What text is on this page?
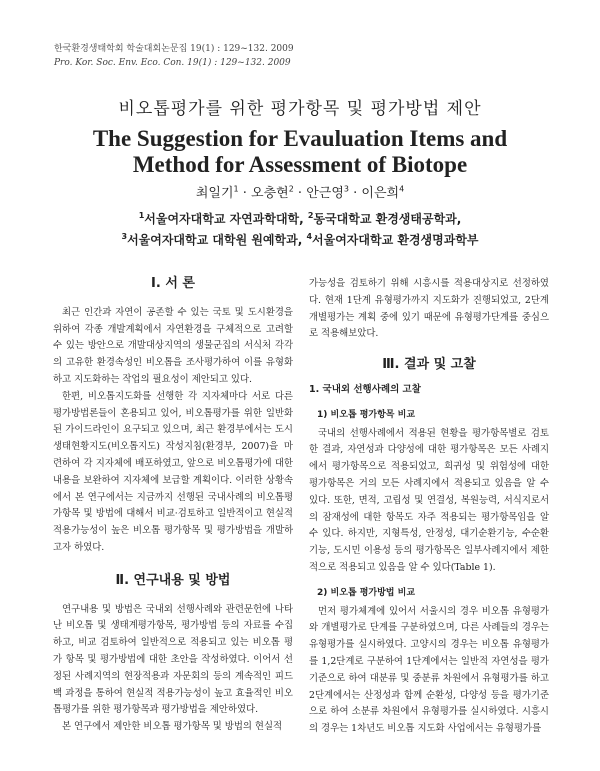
한국환경생태학회 학술대회논문집 19(1) : 129~132. 2009
Pro. Kor. Soc. Env. Eco. Con. 19(1) : 129~132. 2009
비오톱평가를 위한 평가항목 및 평가방법 제안
The Suggestion for Evauluation Items and Method for Assessment of Biotope
최일기$^1$ · 오충현$^2$ · 안근영$^3$ · 이은희$^4$
$^1$서울여자대학교 자연과학대학, $^2$동국대학교 환경생태공학과,
$^3$서울여자대학교 대학원 원예학과, $^4$서울여자대학교 환경생명과학부

Ⅰ. 서 론

최근 인간과 자연이 공존할 수 있는 국토 및 도시환경을 위하여 각종 개발계획에서 자연환경을 구체적으로 고려할 수 있는 방안으로 개발대상지역의 생물군집의 서식처 각각의 고유한 환경속성인 비오톱을 조사평가하여 이를 유형화하고 지도화하는 작업의 필요성이 제안되고 있다.

한편, 비오톱지도화를 선행한 각 지자체마다 서로 다른 평가방법론들이 혼용되고 있어, 비오톱평가를 위한 일반화된 가이드라인이 요구되고 있으며, 최근 환경부에서는 도시생태현황지도(비오톱지도) 작성지침(환경부, 2007)을 마련하여 각 지자체에 배포하였고, 앞으로 비오톱평가에 대한 내용을 보완하여 지자체에 보급할 계획이다. 이러한 상황속에서 본 연구에서는 지금까지 선행된 국내사례의 비오톱평가항목 및 방법에 대해서 비교·검토하고 일반적이고 현실적 적용가능성이 높은 비오톱 평가항목 및 평가방법을 개발하고자 하였다.

Ⅱ. 연구내용 및 방법

연구내용 및 방법은 국내외 선행사례와 관련문헌에 나타난 비오톱 및 생태계평가항목, 평가방법 등의 자료를 수집하고, 비교 검토하여 일반적으로 적용되고 있는 비오톱 평가 항목 및 평가방법에 대한 초안을 작성하였다. 이어서 선정된 사례지역의 현장적용과 자문회의 등의 계속적인 피드백 과정을 통하여 현실적 적용가능성이 높고 효율적인 비오톱평가를 위한 평가항목과 평가방법을 제안하였다.

본 연구에서 제안한 비오톱 평가항목 및 방법의 현실적

가능성을 검토하기 위해 시흥시를 적용대상지로 선정하였다. 현재 1단계 유형평가까지 지도화가 진행되었고, 2단계 개별평가는 계획 중에 있기 때문에 유형평가단계를 중심으로 적용해보았다.

Ⅲ. 결과 및 고찰

1. 국내외 선행사례의 고찰

1) 비오톱 평가항목 비교

국내의 선행사례에서 적용된 현황을 평가항목별로 검토한 결과, 자연성과 다양성에 대한 평가항목은 모든 사례지에서 평가항목으로 적용되었고, 희귀성 및 위험성에 대한 평가항목은 거의 모든 사례지에서 적용되고 있음을 알 수 있다. 또한, 면적, 고립성 및 연결성, 복원능력, 서식지로서의 잠재성에 대한 항목도 자주 적용되는 평가항목임을 알 수 있다. 하지만, 지형특성, 안정성, 대기순환기능, 수순환기능, 도시민 이용성 등의 평가항목은 일부사례지에서 제한적으로 적용되고 있음을 알 수 있다(Table 1).

2) 비오톱 평가방법 비교

먼저 평가체계에 있어서 서울시의 경우 비오톱 유형평가와 개별평가로 단계를 구분하였으며, 다른 사례들의 경우는 유형평가를 실시하였다. 고양시의 경우는 비오톱 유형평가를 1,2단계로 구분하여 1단계에서는 일반적 자연성을 평가기준으로 하여 대분류 및 중분류 차원에서 유형평가를 하고 2단계에서는 산정성과 함께 순환성, 다양성 등을 평가기준으로 하여 소분류 차원에서 유형평가를 실시하였다. 시흥시의 경우는 1차년도 비오톱 지도화 사업에서는 유형평가를
